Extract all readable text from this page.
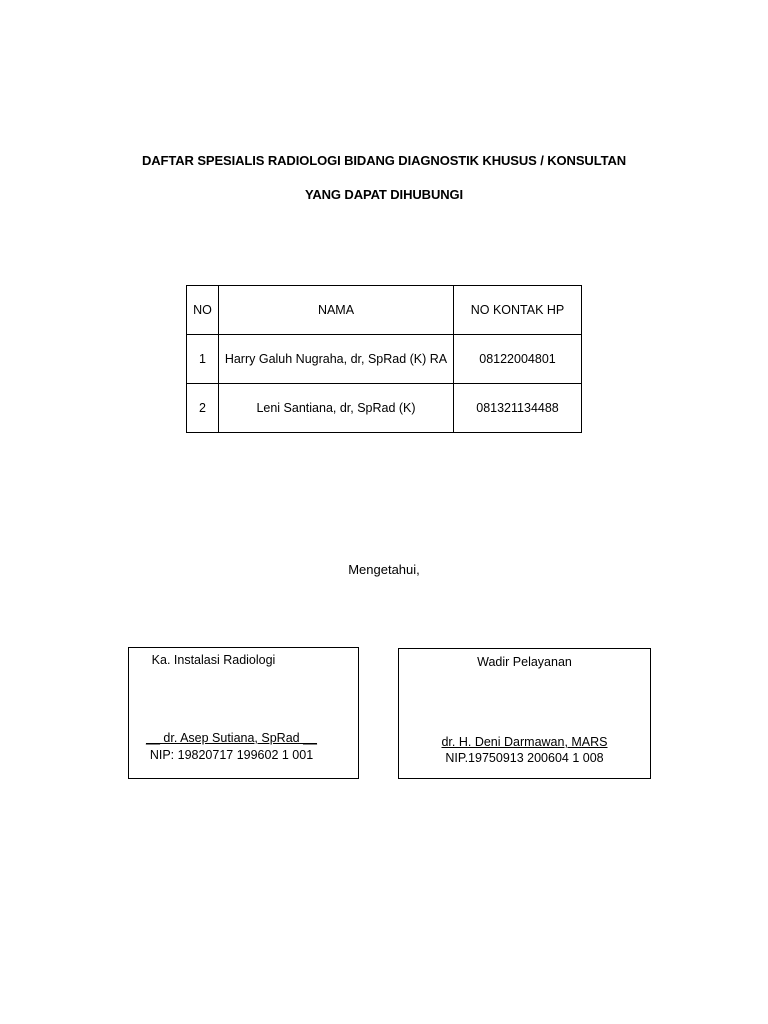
DAFTAR SPESIALIS RADIOLOGI BIDANG DIAGNOSTIK KHUSUS / KONSULTAN
YANG DAPAT DIHUBUNGI
NO	NAMA	NO KONTAK HP
1	Harry Galuh Nugraha, dr, SpRad (K) RA	08122004801
2	Leni Santiana, dr, SpRad (K)	081321134488
Mengetahui,
Ka. Instalasi Radiologi
__ dr. Asep Sutiana, SpRad __
NIP: 19820717 199602 1 001
Wadir Pelayanan
dr. H. Deni Darmawan, MARS
NIP.19750913 200604 1 008
